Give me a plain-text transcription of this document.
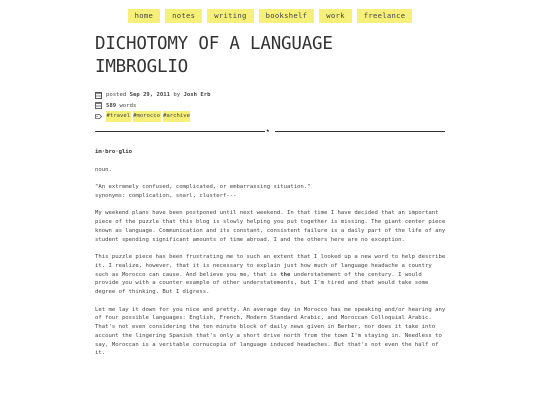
home	notes	writing	bookshelf	work	freelance
DICHOTOMY OF A LANGUAGE
IMBROGLIO
posted
Sep 29, 2011
by
Josh Erb
589
words
#travel #morocco #archive
★

im·bro·glio

noun.

"An extremely confused, complicated, or embarrassing situation."
synonyms: complication, snarl, clusterf---

My weekend plans have been postponed until next weekend. In that time I have decided that an important piece of the puzzle that this blog is slowly helping you put together is missing. The giant center piece known as language. Communication and its constant, consistent failure is a daily part of the life of any student spending significant amounts of time abroad. I and the others here are no exception.

This puzzle piece has been frustrating me to such an extent that I looked up a new word to help describe it. I realize, however, that it is necessary to explain just how much of language headache a country such as Morocco can cause. And believe you me, that is the understatement of the century. I would provide you with a counter example of other understatements, but I'm tired and that would take some degree of thinking. But I digress.

Let me lay it down for you nice and pretty. An average day in Morocco has me speaking and/or hearing any of four possible languages: English, French, Modern Standard Arabic, and Moroccan Colloquial Arabic. That's not even considering the ten minute block of daily news given in Berber, nor does it take into account the lingering Spanish that's only a short drive north from the town I'm staying in. Needless to say, Moroccan is a veritable cornucopia of language induced headaches. But that's not even the half of it.
